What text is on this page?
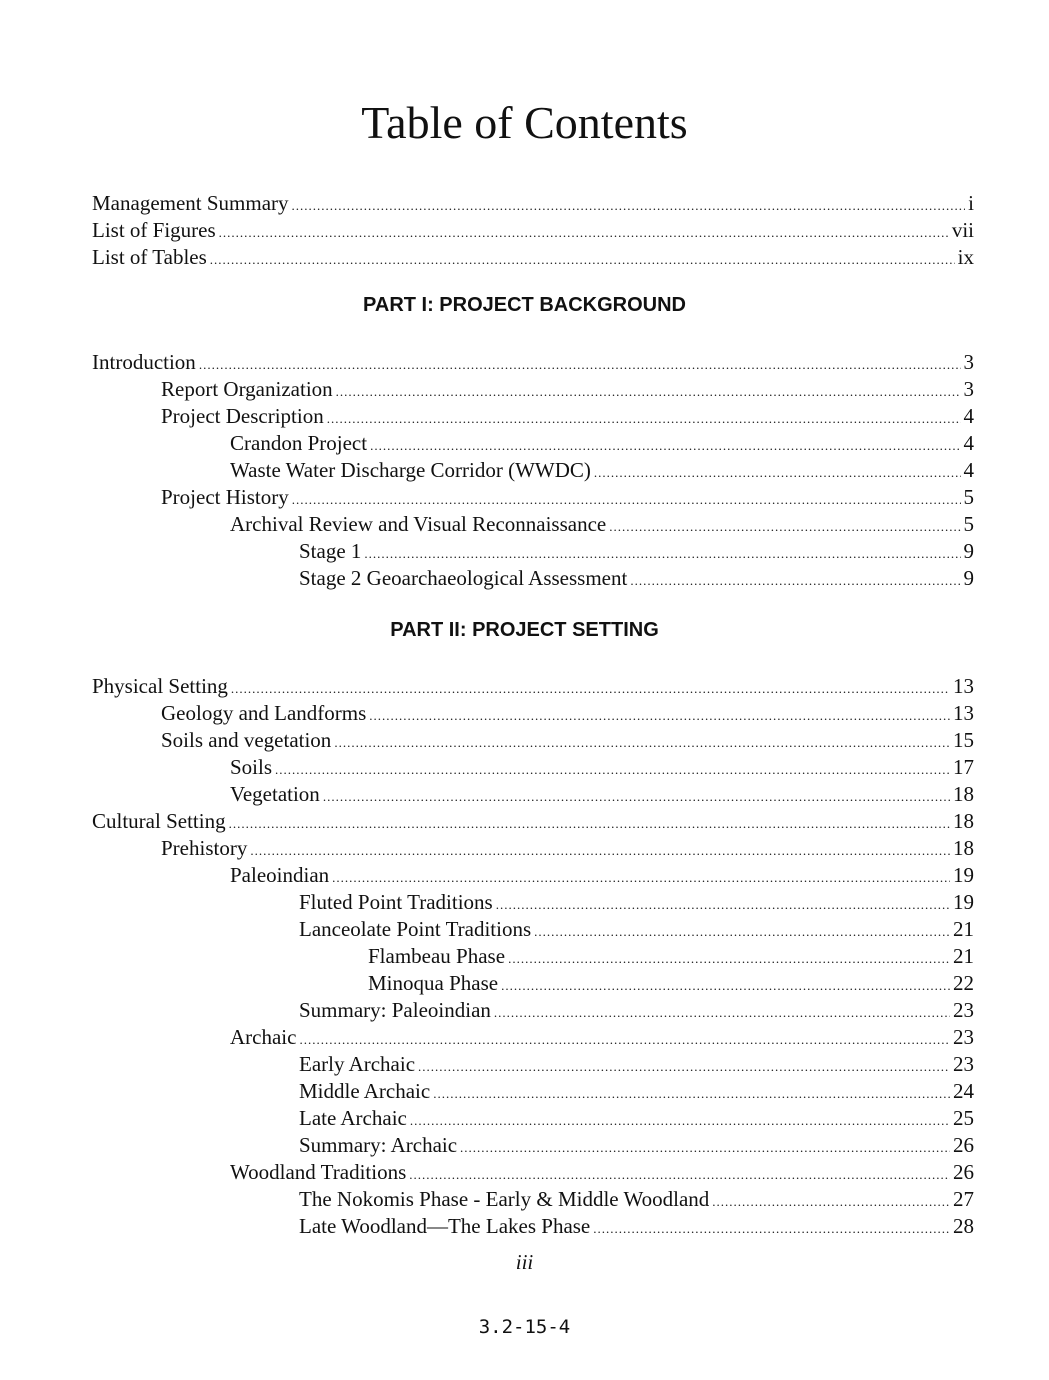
Table of Contents
Management Summary .....	i
List of Figures .....	vii
List of Tables .....	ix
PART I: PROJECT BACKGROUND
Introduction .....	3
Report Organization .....	3
Project Description .....	4
Crandon Project .....	4
Waste Water Discharge Corridor (WWDC) .....	4
Project History .....	5
Archival Review and Visual Reconnaissance .....	5
Stage 1 .....	9
Stage 2 Geoarchaeological Assessment .....	9
PART II: PROJECT SETTING
Physical Setting .....	13
Geology and Landforms .....	13
Soils and vegetation .....	15
Soils .....	17
Vegetation .....	18
Cultural Setting .....	18
Prehistory .....	18
Paleoindian .....	19
Fluted Point Traditions .....	19
Lanceolate Point Traditions .....	21
Flambeau Phase .....	21
Minoqua Phase .....	22
Summary: Paleoindian .....	23
Archaic .....	23
Early Archaic .....	23
Middle Archaic .....	24
Late Archaic .....	25
Summary: Archaic .....	26
Woodland Traditions .....	26
The Nokomis Phase - Early & Middle Woodland .....	27
Late Woodland—The Lakes Phase .....	28
iii
3.2-15-4
